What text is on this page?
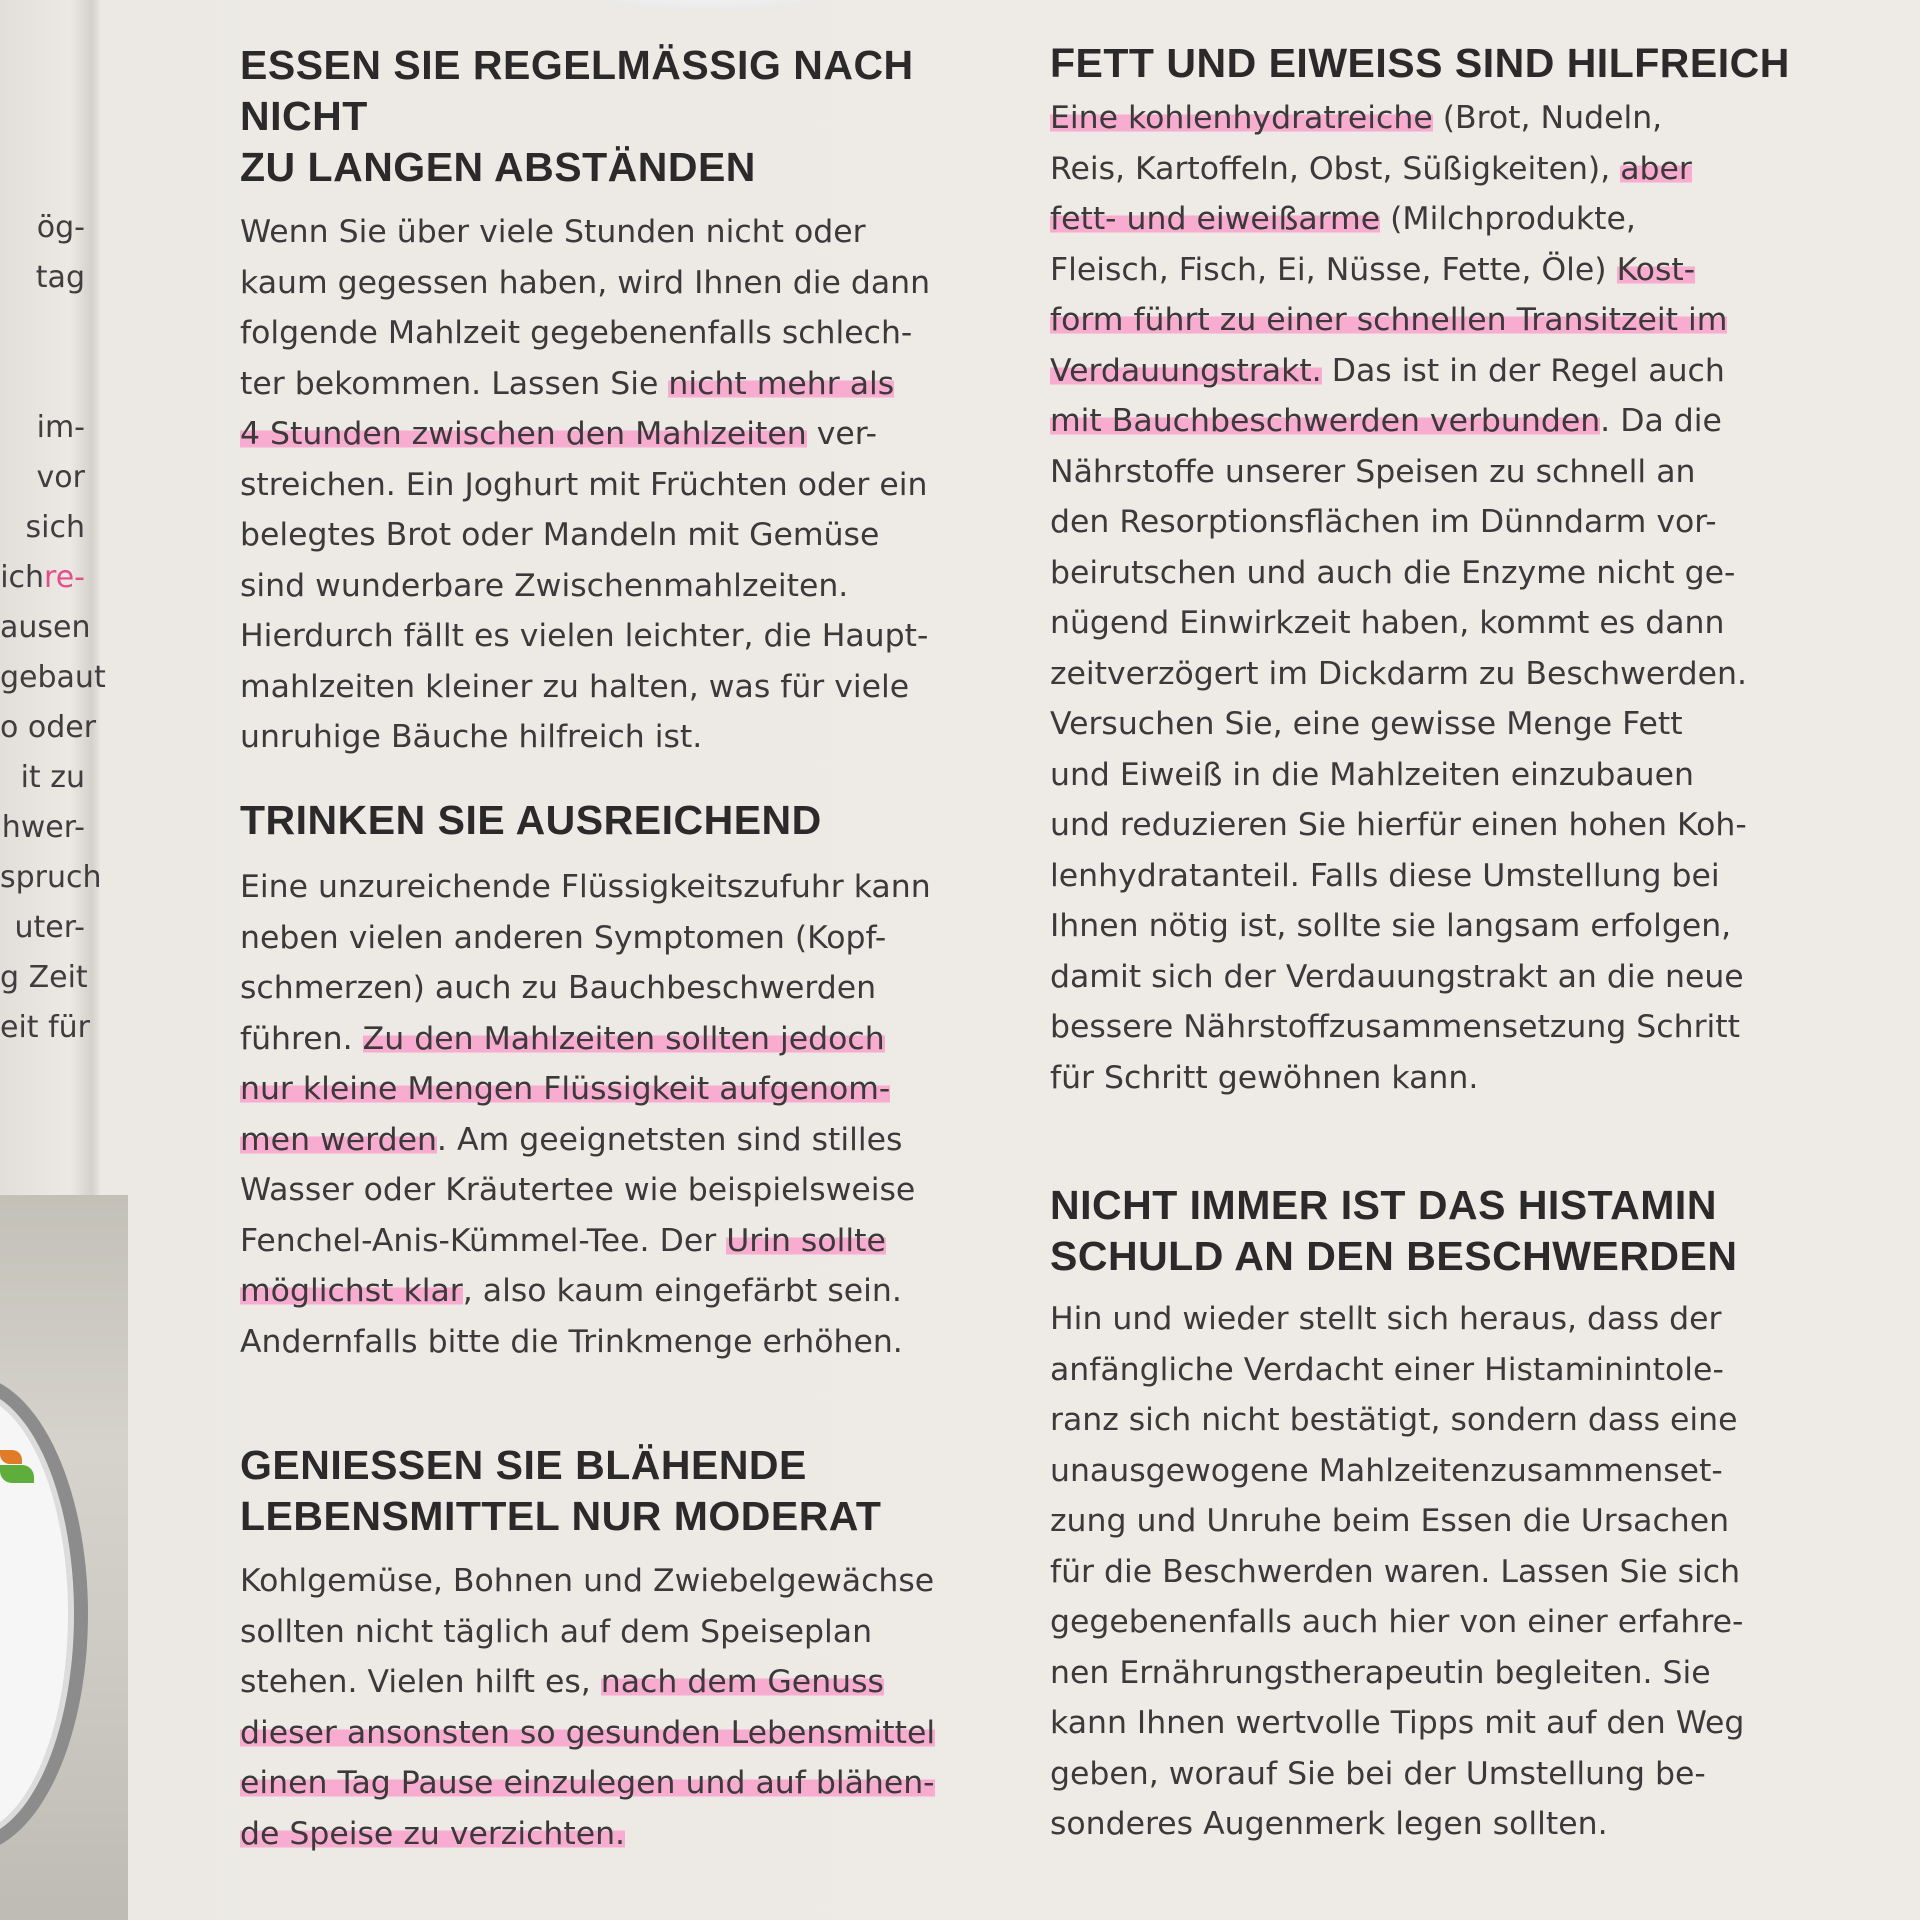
ög-
tag
im-
vor
sich
ichre-
ausen
gebaut
o oder
it zu
hwer-
spruch
uter-
g Zeit
eit für
ESSEN SIE REGELMÄSSIG NACH NICHT
ZU LANGEN ABSTÄNDEN
Wenn Sie über viele Stunden nicht oder
kaum gegessen haben, wird Ihnen die dann
folgende Mahlzeit gegebenenfalls schlech-
ter bekommen. Lassen Sie nicht mehr als
4 Stunden zwischen den Mahlzeiten ver-
streichen. Ein Joghurt mit Früchten oder ein
belegtes Brot oder Mandeln mit Gemüse
sind wunderbare Zwischenmahlzeiten.
Hierdurch fällt es vielen leichter, die Haupt-
mahlzeiten kleiner zu halten, was für viele
unruhige Bäuche hilfreich ist.
TRINKEN SIE AUSREICHEND
Eine unzureichende Flüssigkeitszufuhr kann
neben vielen anderen Symptomen (Kopf-
schmerzen) auch zu Bauchbeschwerden
führen. Zu den Mahlzeiten sollten jedoch
nur kleine Mengen Flüssigkeit aufgenom-
men werden. Am geeignetsten sind stilles
Wasser oder Kräutertee wie beispielsweise
Fenchel-Anis-Kümmel-Tee. Der Urin sollte
möglichst klar, also kaum eingefärbt sein.
Andernfalls bitte die Trinkmenge erhöhen.
GENIESSEN SIE BLÄHENDE
LEBENSMITTEL NUR MODERAT
Kohlgemüse, Bohnen und Zwiebelgewächse
sollten nicht täglich auf dem Speiseplan
stehen. Vielen hilft es, nach dem Genuss
dieser ansonsten so gesunden Lebensmittel
einen Tag Pause einzulegen und auf blähen-
de Speise zu verzichten.
FETT UND EIWEISS SIND HILFREICH
Eine kohlenhydratreiche (Brot, Nudeln,
Reis, Kartoffeln, Obst, Süßigkeiten), aber
fett- und eiweißarme (Milchprodukte,
Fleisch, Fisch, Ei, Nüsse, Fette, Öle) Kost-
form führt zu einer schnellen Transitzeit im
Verdauungstrakt. Das ist in der Regel auch
mit Bauchbeschwerden verbunden. Da die
Nährstoffe unserer Speisen zu schnell an
den Resorptionsflächen im Dünndarm vor-
beirutschen und auch die Enzyme nicht ge-
nügend Einwirkzeit haben, kommt es dann
zeitverzögert im Dickdarm zu Beschwerden.
Versuchen Sie, eine gewisse Menge Fett
und Eiweiß in die Mahlzeiten einzubauen
und reduzieren Sie hierfür einen hohen Koh-
lenhydratanteil. Falls diese Umstellung bei
Ihnen nötig ist, sollte sie langsam erfolgen,
damit sich der Verdauungstrakt an die neue
bessere Nährstoffzusammensetzung Schritt
für Schritt gewöhnen kann.
NICHT IMMER IST DAS HISTAMIN
SCHULD AN DEN BESCHWERDEN
Hin und wieder stellt sich heraus, dass der
anfängliche Verdacht einer Histaminintole-
ranz sich nicht bestätigt, sondern dass eine
unausgewogene Mahlzeitenzusammenset-
zung und Unruhe beim Essen die Ursachen
für die Beschwerden waren. Lassen Sie sich
gegebenenfalls auch hier von einer erfahre-
nen Ernährungstherapeutin begleiten. Sie
kann Ihnen wertvolle Tipps mit auf den Weg
geben, worauf Sie bei der Umstellung be-
sonderes Augenmerk legen sollten.
